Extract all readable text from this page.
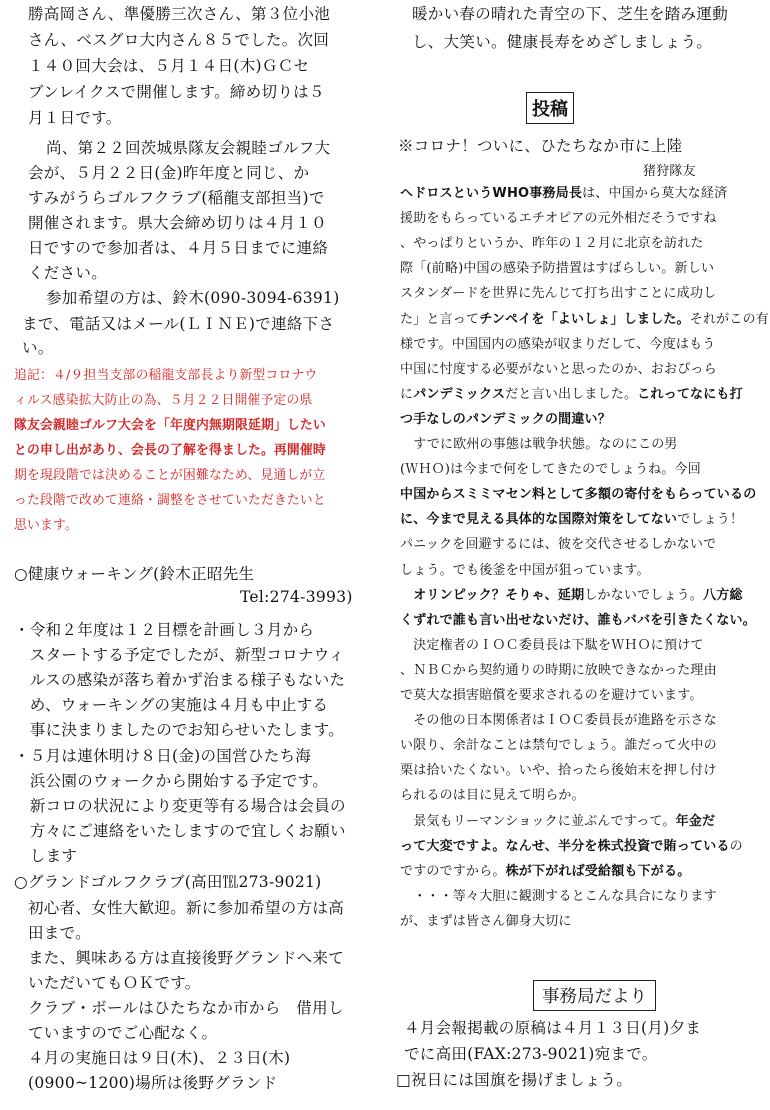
勝高岡さん、準優勝三次さん、第３位小池
さん、ベスグロ大内さん８５でした。次回
１４０回大会は、５月１４日(木)ＧＣセ
ブンレイクスで開催します。締め切りは５
月１日です。
尚、第２２回茨城県隊友会親睦ゴルフ大
会が、５月２２日(金)昨年度と同じ、か
すみがうらゴルフクラブ(稲龍支部担当)で
開催されます。県大会締め切りは４月１０
日ですので参加者は、４月５日までに連絡
ください。
参加希望の方は、鈴木(090-3094-6391)
まで、電話又はメール(ＬＩＮＥ)で連絡下さ
い。
追記：４/９担当支部の稲龍支部長より新型コロナウ
ィルス感染拡大防止の為、５月２２日開催予定の県
隊友会親睦ゴルフ大会を「年度内無期限延期」したい
との申し出があり、会長の了解を得ました。再開催時
期を現段階では決めることが困難なため、見通しが立
った段階で改めて連絡・調整をさせていただきたいと
思います。
○健康ウォーキング(鈴木正昭先生
Tel:274-3993)
・令和２年度は１２目標を計画し３月から
　スタートする予定でしたが、新型コロナウィ
　ルスの感染が落ち着かず治まる様子もないた
　め、ウォーキングの実施は４月も中止する
　事に決まりましたのでお知らせいたします。
・５月は連休明け８日(金)の国営ひたち海
　浜公園のウォークから開始する予定です。
　新コロの状況により変更等有る場合は会員の
　方々にご連絡をいたしますので宜しくお願い
　します
○グランドゴルフクラブ(高田℡273-9021)
初心者、女性大歓迎。新に参加希望の方は高
田まで。
また、興味ある方は直接後野グランドへ来て
いただいてもＯＫです。
クラブ・ボールはひたちなか市から　借用し
ていますのでご心配なく。
４月の実施日は９日(木)、２３日(木)
(0900~1200)場所は後野グランド
暖かい春の晴れた青空の下、芝生を踏み運動
し、大笑い。健康長寿をめざしましょう。
投稿
※コロナ！ついに、ひたちなか市に上陸
猪狩隊友
ヘドロスというWHO事務局長は、中国から莫大な経済
援助をもらっているエチオピアの元外相だそうですね
、やっぱりというか、昨年の１２月に北京を訪れた
際「(前略)中国の感染予防措置はすばらしい。新しい
スタンダードを世界に先んじて打ち出すことに成功し
た」と言ってチンペイを「よいしょ」しました。それがこの有
様です。中国国内の感染が収まりだして、今度はもう
中国に忖度する必要がないと思ったのか、おおぴっら
にパンデミックスだと言い出しました。これってなにも打
つ手なしのパンデミックの間違い？
　すでに欧州の事態は戦争状態。なのにこの男
(ＷＨＯ)は今まで何をしてきたのでしょうね。今回
中国からスミミマセン料として多額の寄付をもらっているの
に、今まで見える具体的な国際対策をしてないでしょう！
パニックを回避するには、彼を交代させるしかないで
しょう。でも後釜を中国が狙っています。
　オリンピック？そりゃ、延期しかないでしょう。八方総
くずれで誰も言い出せないだけ、誰もババを引きたくない。
　決定権者のＩＯＣ委員長は下駄をＷＨＯに預けて
、ＮＢＣから契約通りの時期に放映できなかった理由
で莫大な損害賠償を要求されるのを避けています。
　その他の日本関係者はＩＯＣ委員長が進路を示さな
い限り、余計なことは禁句でしょう。誰だって火中の
栗は拾いたくない。いや、拾ったら後始末を押し付け
られるのは目に見えて明らか。
　景気もリーマンショックに並ぶんですって。年金だ
って大変ですよ。なんせ、半分を株式投資で賄っているの
ですのですから。株が下がれば受給額も下がる。
　・・・等々大胆に観測するとこんな具合になります
が、まずは皆さん御身大切に
事務局だより
４月会報掲載の原稿は４月１３日(月)夕ま
でに高田(FAX:273-9021)宛まで。
□祝日には国旗を揚げましょう。
